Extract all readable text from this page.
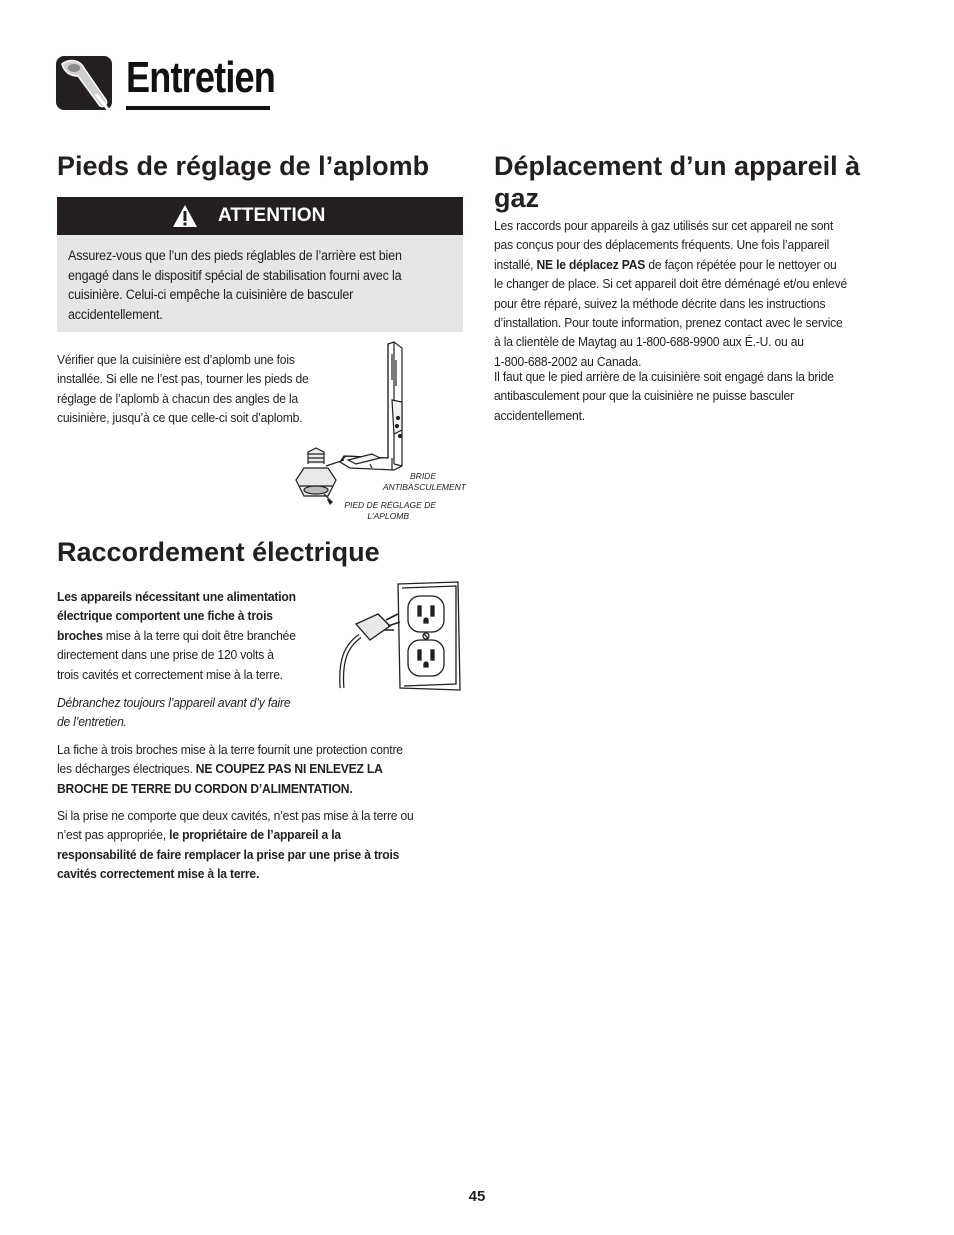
Entretien
Pieds de réglage de l’aplomb
ATTENTION

Assurez-vous que l’un des pieds réglables de l’arrière est bien

engagé dans le dispositif spécial de stabilisation fourni avec la

cuisinière. Celui-ci empêche la cuisinière de basculer

accidentellement.

Vérifier que la cuisinière est d’aplomb une fois

installée. Si elle ne l’est pas, tourner les pieds de

réglage de l’aplomb à chacun des angles de la

cuisinière, jusqu’à ce que celle-ci soit d’aplomb.

BRIDE
ANTIBASCULEMENT
PIED DE RÉGLAGE DE
L’APLOMB
Raccordement électrique

Les appareils nécessitant une alimentation

électrique comportent une fiche à trois

broches mise à la terre qui doit être branchée

directement dans une prise de 120 volts à

trois cavités et correctement mise à la terre.

Débranchez toujours l’appareil avant d’y faire

de l’entretien.

La fiche à trois broches mise à la terre fournit une protection contre

les décharges électriques. NE COUPEZ PAS NI ENLEVEZ LA

BROCHE DE TERRE DU CORDON D’ALIMENTATION.

Si la prise ne comporte que deux cavités, n’est pas mise à la terre ou

n’est pas appropriée, le propriétaire de l’appareil a la

responsabilité de faire remplacer la prise par une prise à trois

cavités correctement mise à la terre.

Déplacement d’un appareil à
gaz

Les raccords pour appareils à gaz utilisés sur cet appareil ne sont

pas conçus pour des déplacements fréquents. Une fois l’appareil

installé, NE le déplacez PAS de façon répétée pour le nettoyer ou

le changer de place. Si cet appareil doit être déménagé et/ou enlevé

pour être réparé, suivez la méthode décrite dans les instructions

d’installation. Pour toute information, prenez contact avec le service

à la clientèle de Maytag au 1-800-688-9900 aux É.-U. ou au

1-800-688-2002 au Canada.

Il faut que le pied arrière de la cuisinière soit engagé dans la bride

antibasculement pour que la cuisinière ne puisse basculer

accidentellement.

45
